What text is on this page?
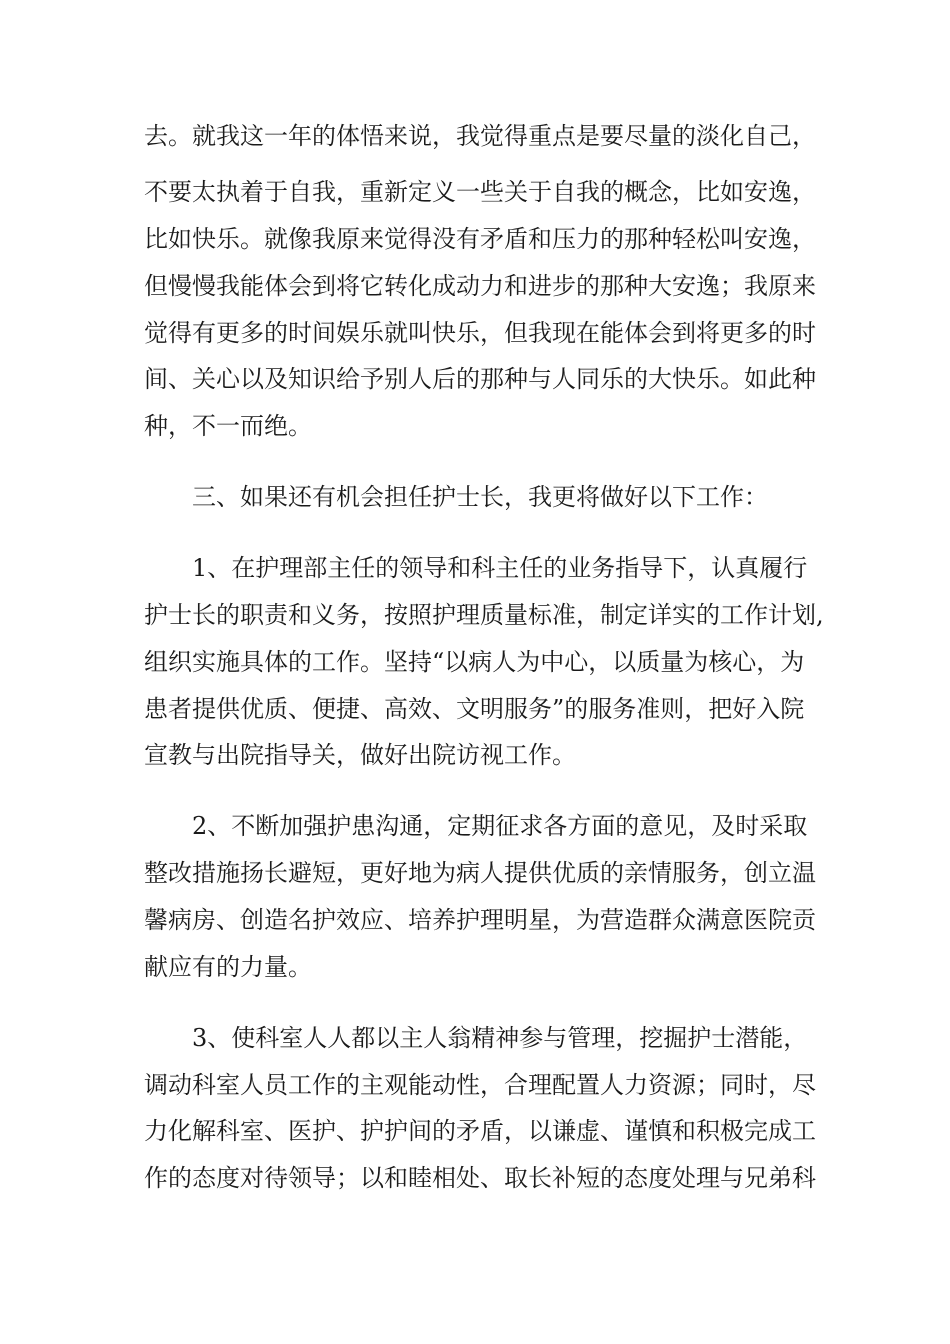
去。就我这一年的体悟来说，我觉得重点是要尽量的淡化自己，
不要太执着于自我，重新定义一些关于自我的概念，比如安逸，
比如快乐。就像我原来觉得没有矛盾和压力的那种轻松叫安逸，
但慢慢我能体会到将它转化成动力和进步的那种大安逸；我原来
觉得有更多的时间娱乐就叫快乐，但我现在能体会到将更多的时
间、关心以及知识给予别人后的那种与人同乐的大快乐。如此种
种，不一而绝。
三、如果还有机会担任护士长，我更将做好以下工作：
1、在护理部主任的领导和科主任的业务指导下，认真履行
护士长的职责和义务，按照护理质量标准，制定详实的工作计划,
组织实施具体的工作。坚持“以病人为中心，以质量为核心，为
患者提供优质、便捷、高效、文明服务”的服务准则，把好入院
宣教与出院指导关，做好出院访视工作。
2、不断加强护患沟通，定期征求各方面的意见，及时采取
整改措施扬长避短，更好地为病人提供优质的亲情服务，创立温
馨病房、创造名护效应、培养护理明星，为营造群众满意医院贡
献应有的力量。
3、使科室人人都以主人翁精神参与管理，挖掘护士潜能，
调动科室人员工作的主观能动性，合理配置人力资源；同时，尽
力化解科室、医护、护护间的矛盾，以谦虚、谨慎和积极完成工
作的态度对待领导；以和睦相处、取长补短的态度处理与兄弟科
